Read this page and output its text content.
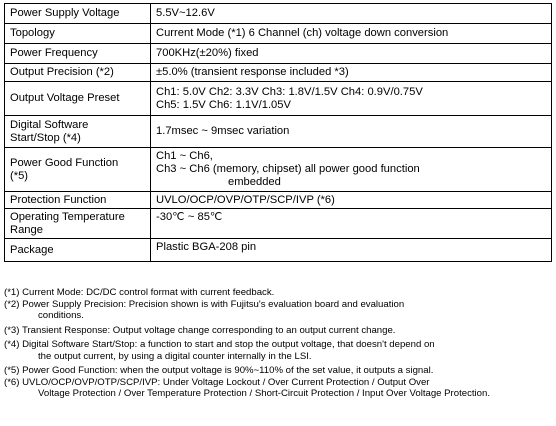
Power Supply Voltage	5.5V~12.6V

Topology	Current Mode (*1) 6 Channel (ch) voltage down conversion

Power Frequency	700KHz(±20%) fixed

Output Precision (*2)	±5.0% (transient response included *3)

Output Voltage Preset	Ch1: 5.0V Ch2: 3.3V Ch3: 1.8V/1.5V Ch4: 0.9V/0.75V
Ch5: 1.5V Ch6: 1.1V/1.05V

Digital Software
Start/Stop (*4)	1.7msec ~ 9msec variation

Power Good Function
(*5)	Ch1 ~ Ch6,
Ch3 ~ Ch6 (memory, chipset) all power good function
embedded

Protection Function	UVLO/OCP/OVP/OTP/SCP/IVP (*6)

Operating Temperature
Range	-30℃ ~ 85℃

Package	Plastic BGA-208 pin
(*1) Current Mode: DC/DC control format with current feedback.
(*2) Power Supply Precision: Precision shown is with Fujitsu's evaluation board and evaluation
conditions.
(*3) Transient Response: Output voltage change corresponding to an output current change.
(*4) Digital Software Start/Stop: a function to start and stop the output voltage, that doesn't depend on
the output current, by using a digital counter internally in the LSI.
(*5) Power Good Function: when the output voltage is 90%~110% of the set value, it outputs a signal.
(*6) UVLO/OCP/OVP/OTP/SCP/IVP: Under Voltage Lockout / Over Current Protection / Output Over
Voltage Protection / Over Temperature Protection / Short-Circuit Protection / Input Over Voltage Protection.
